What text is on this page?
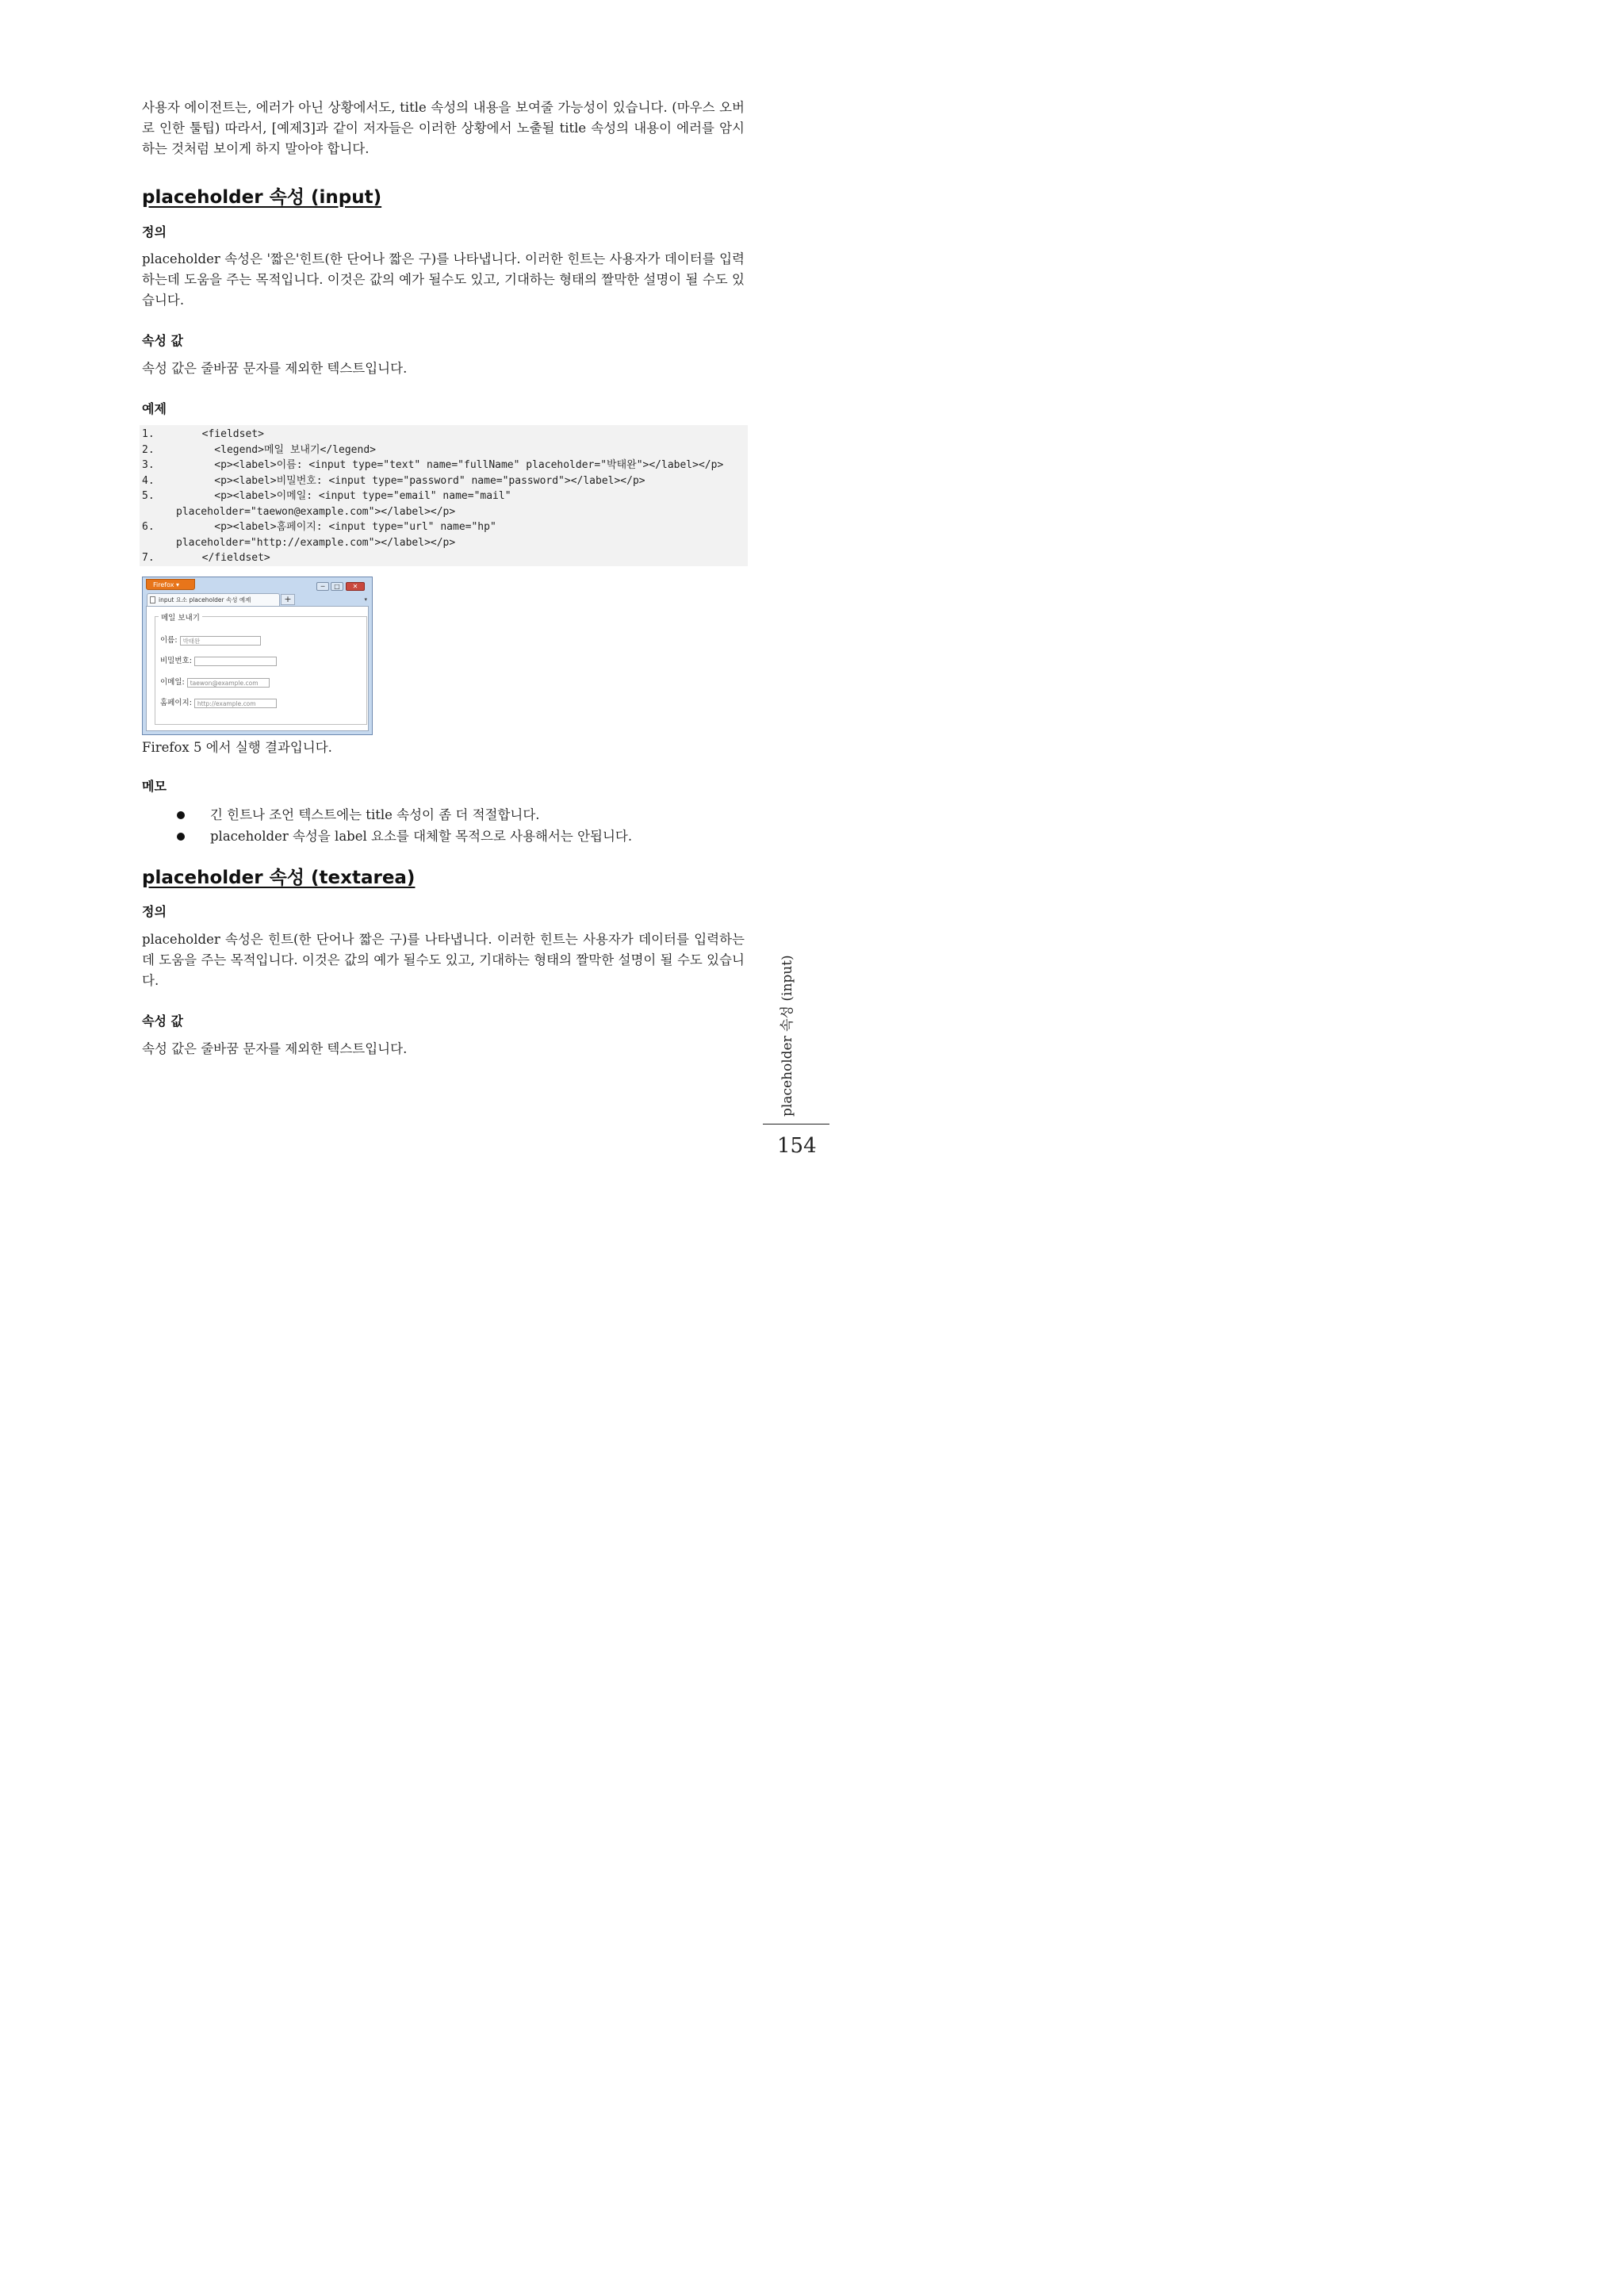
사용자 에이전트는, 에러가 아닌 상황에서도, title 속성의 내용을 보여줄 가능성이 있습니다. (마우스 오버로 인한 툴팁) 따라서, [예제3]과 같이 저자들은 이러한 상황에서 노출될 title 속성의 내용이 에러를 암시하는 것처럼 보이게 하지 말아야 합니다.

placeholder 속성 (input)
정의

placeholder 속성은 '짧은'힌트(한 단어나 짧은 구)를 나타냅니다. 이러한 힌트는 사용자가 데이터를 입력하는데 도움을 주는 목적입니다. 이것은 값의 예가 될수도 있고, 기대하는 형태의 짤막한 설명이 될 수도 있습니다.

속성 값

속성 값은 줄바꿈 문자를 제외한 텍스트입니다.

예제
1.	<fieldset>
2.	<legend>메일 보내기</legend>
3.	<p><label>이름: <input type="text" name="fullName" placeholder="박태완"></label></p>
4.	<p><label>비밀번호: <input type="password" name="password"></label></p>
5.	<p><label>이메일: <input type="email" name="mail"
placeholder="taewon@example.com"></label></p>
6.	<p><label>홈페이지: <input type="url" name="hp"
placeholder="http://example.com"></label></p>
7.	</fieldset>
Firefox ▾	─	□	✕
input 요소 placeholder 속성 예제	+	▾
메일 보내기
이름: 박태완
비밀번호:
이메일: taewon@example.com
홈페이지: http://example.com

Firefox 5 에서 실행 결과입니다.

메모
긴 힌트나 조언 텍스트에는 title 속성이 좀 더 적절합니다.
placeholder 속성을 label 요소를 대체할 목적으로 사용해서는 안됩니다.
placeholder 속성 (textarea)
정의

placeholder 속성은 힌트(한 단어나 짧은 구)를 나타냅니다. 이러한 힌트는 사용자가 데이터를 입력하는데 도움을 주는 목적입니다. 이것은 값의 예가 될수도 있고, 기대하는 형태의 짤막한 설명이 될 수도 있습니다.

속성 값

속성 값은 줄바꿈 문자를 제외한 텍스트입니다.	placeholder 속성 (input)
154
